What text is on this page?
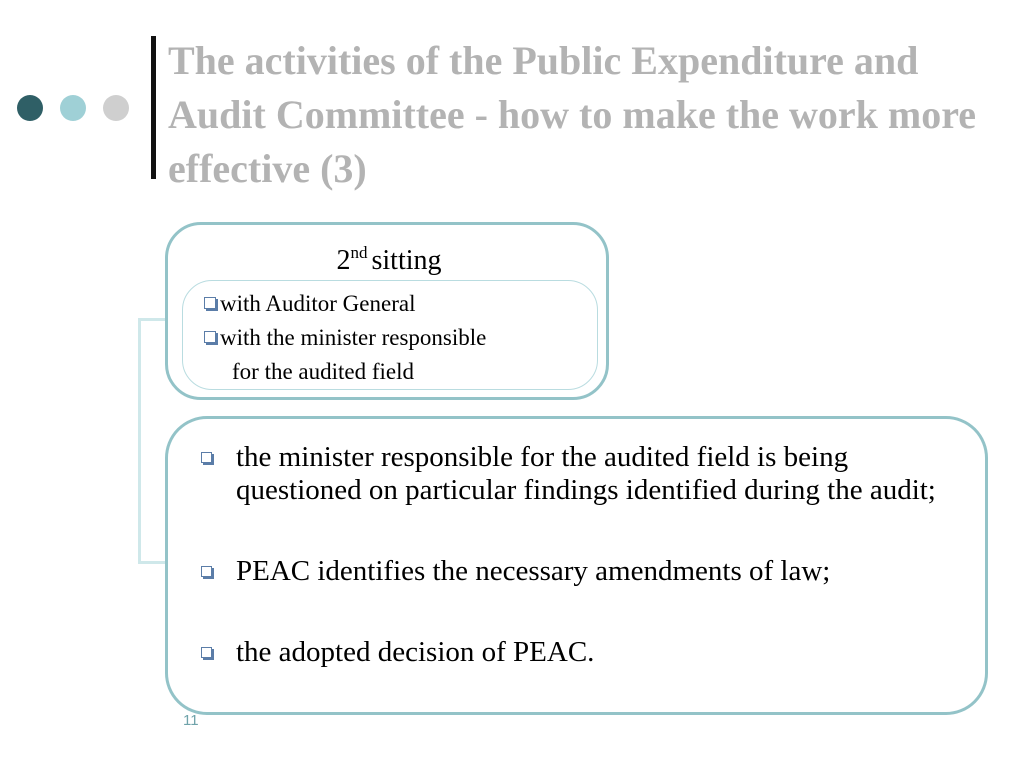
The activities of the Public Expenditure and Audit Committee - how to make the work more effective (3)
2nd sitting
with Auditor General
with the minister responsible
for the audited field
the minister responsible for the audited field is being questioned on particular findings identified during the audit;
PEAC identifies the necessary amendments of law;
the adopted decision of PEAC.
11
